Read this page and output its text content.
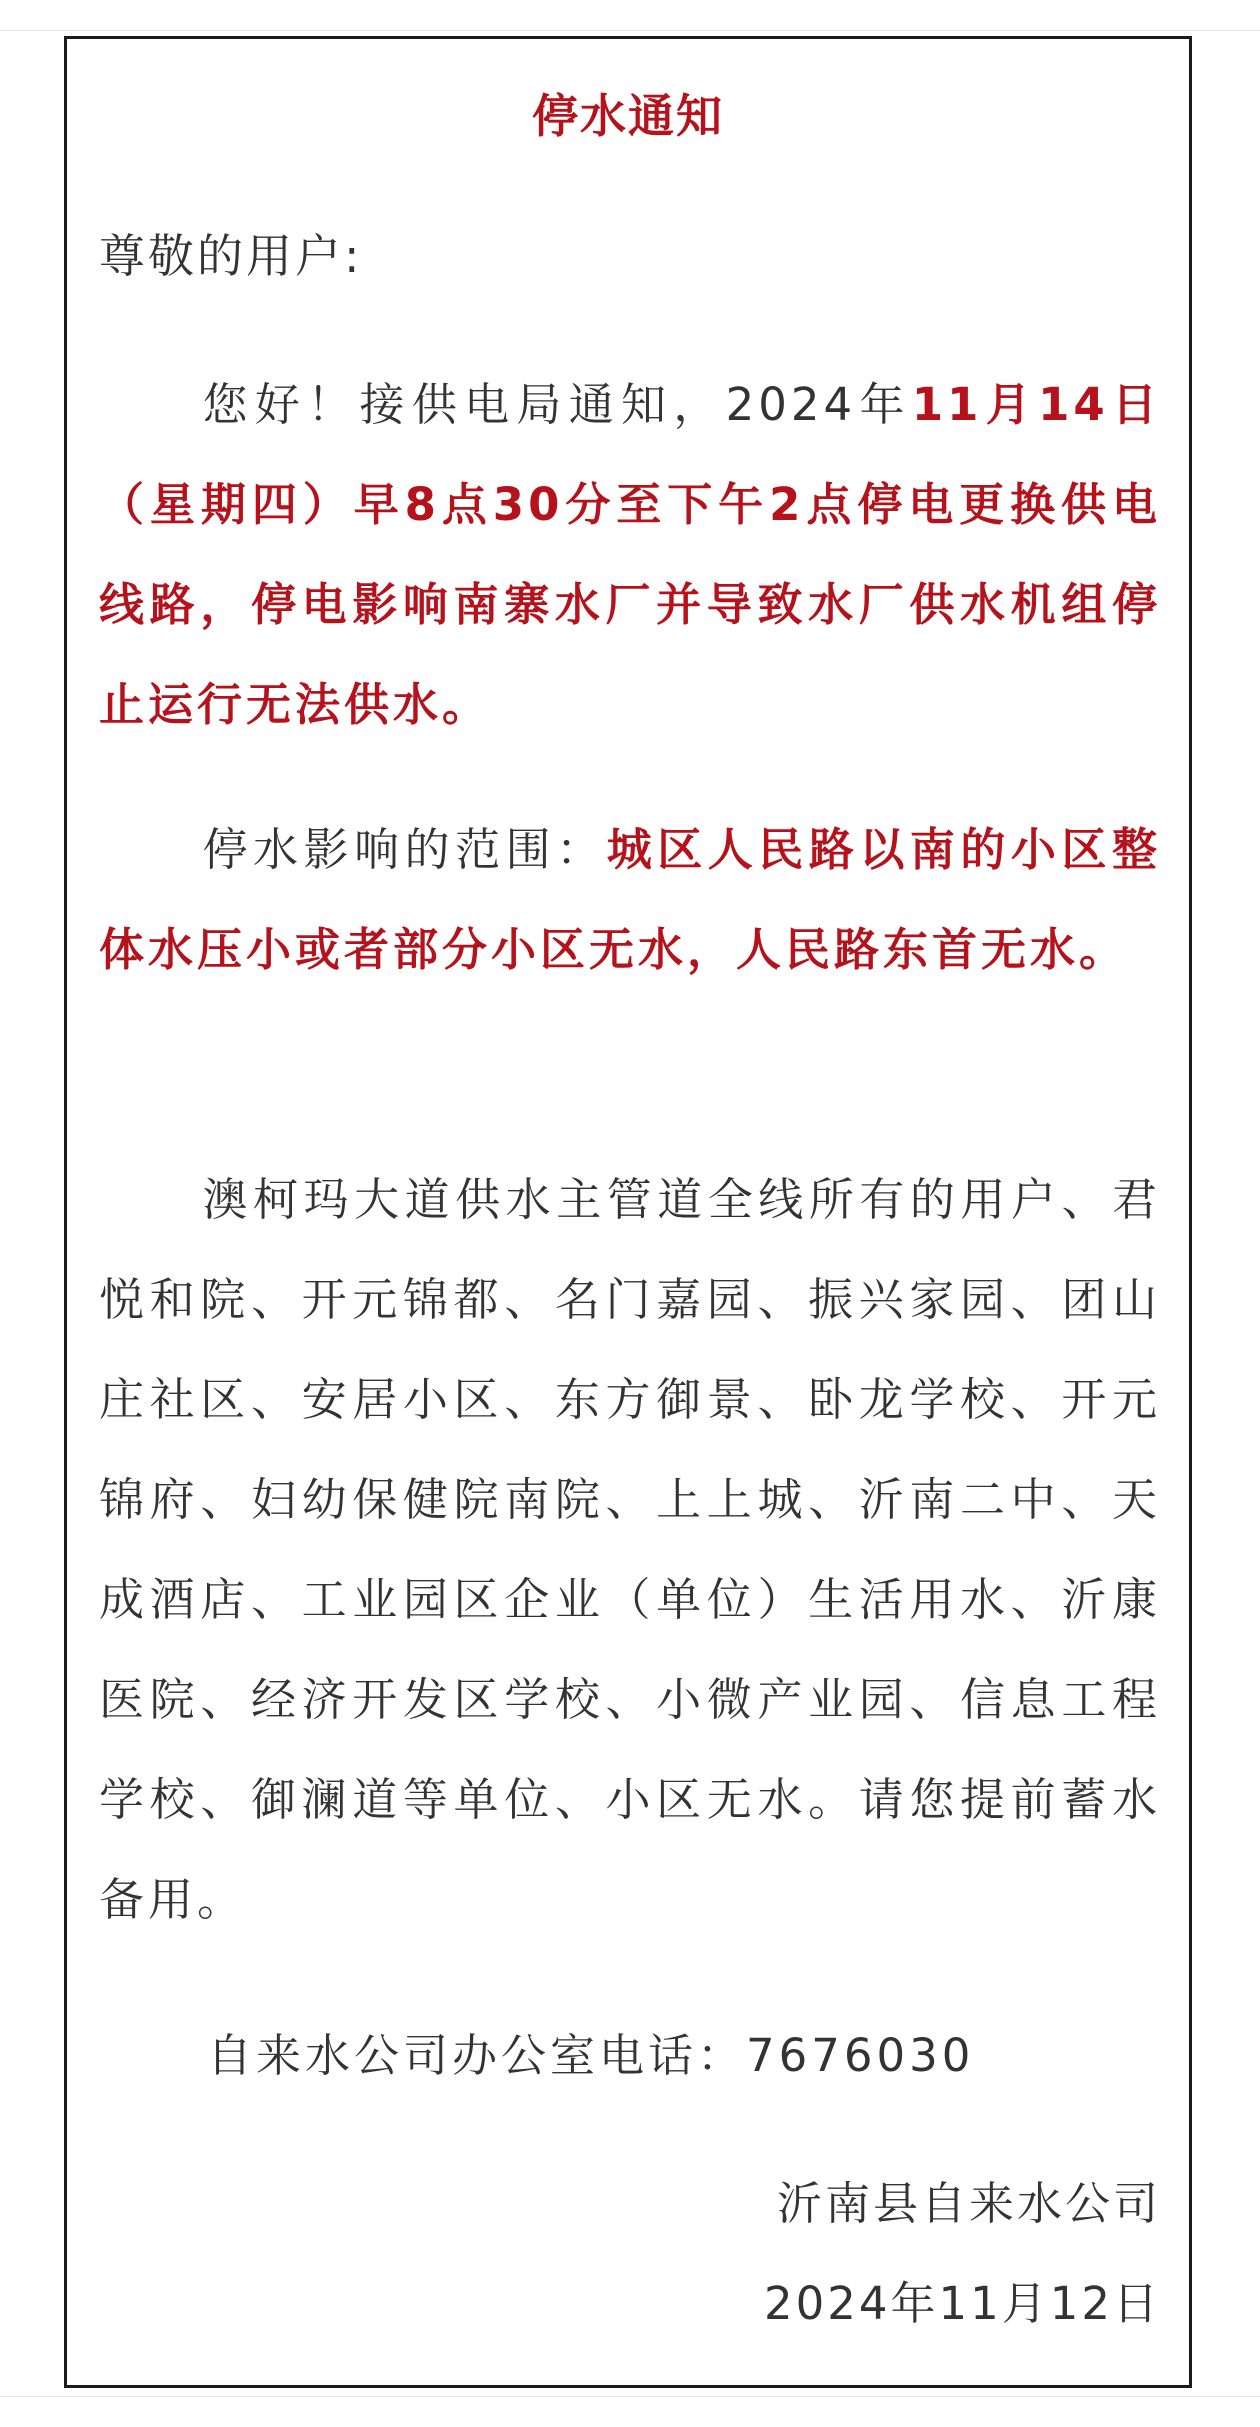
停水通知
尊敬的用户:
您好！接供电局通知，2024年11月14日（星期四）早8点30分至下午2点停电更换供电线路，停电影响南寨水厂并导致水厂供水机组停止运行无法供水。
停水影响的范围：城区人民路以南的小区整体水压小或者部分小区无水，人民路东首无水。
澳柯玛大道供水主管道全线所有的用户、君悦和院、开元锦都、名门嘉园、振兴家园、团山庄社区、安居小区、东方御景、卧龙学校、开元锦府、妇幼保健院南院、上上城、沂南二中、天成酒店、工业园区企业（单位）生活用水、沂康医院、经济开发区学校、小微产业园、信息工程学校、御澜道等单位、小区无水。请您提前蓄水备用。
自来水公司办公室电话：7676030
沂南县自来水公司
2024年11月12日
